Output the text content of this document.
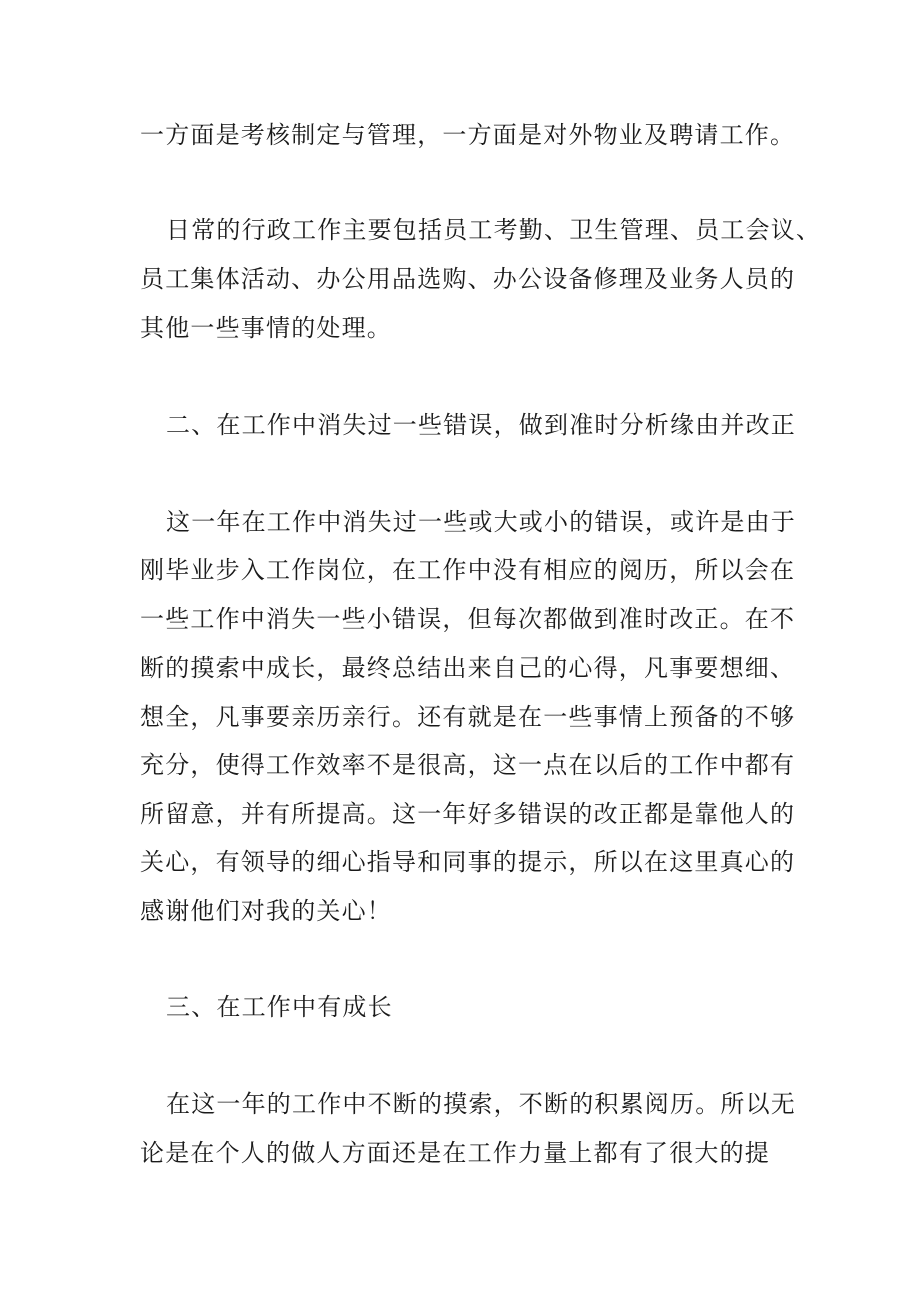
一方面是考核制定与管理，一方面是对外物业及聘请工作。
日常的行政工作主要包括员工考勤、卫生管理、员工会议、
员工集体活动、办公用品选购、办公设备修理及业务人员的
其他一些事情的处理。
二、在工作中消失过一些错误，做到准时分析缘由并改正
这一年在工作中消失过一些或大或小的错误，或许是由于
刚毕业步入工作岗位，在工作中没有相应的阅历，所以会在
一些工作中消失一些小错误，但每次都做到准时改正。在不
断的摸索中成长，最终总结出来自己的心得，凡事要想细、
想全，凡事要亲历亲行。还有就是在一些事情上预备的不够
充分，使得工作效率不是很高，这一点在以后的工作中都有
所留意，并有所提高。这一年好多错误的改正都是靠他人的
关心，有领导的细心指导和同事的提示，所以在这里真心的
感谢他们对我的关心！
三、在工作中有成长
在这一年的工作中不断的摸索，不断的积累阅历。所以无
论是在个人的做人方面还是在工作力量上都有了很大的提
